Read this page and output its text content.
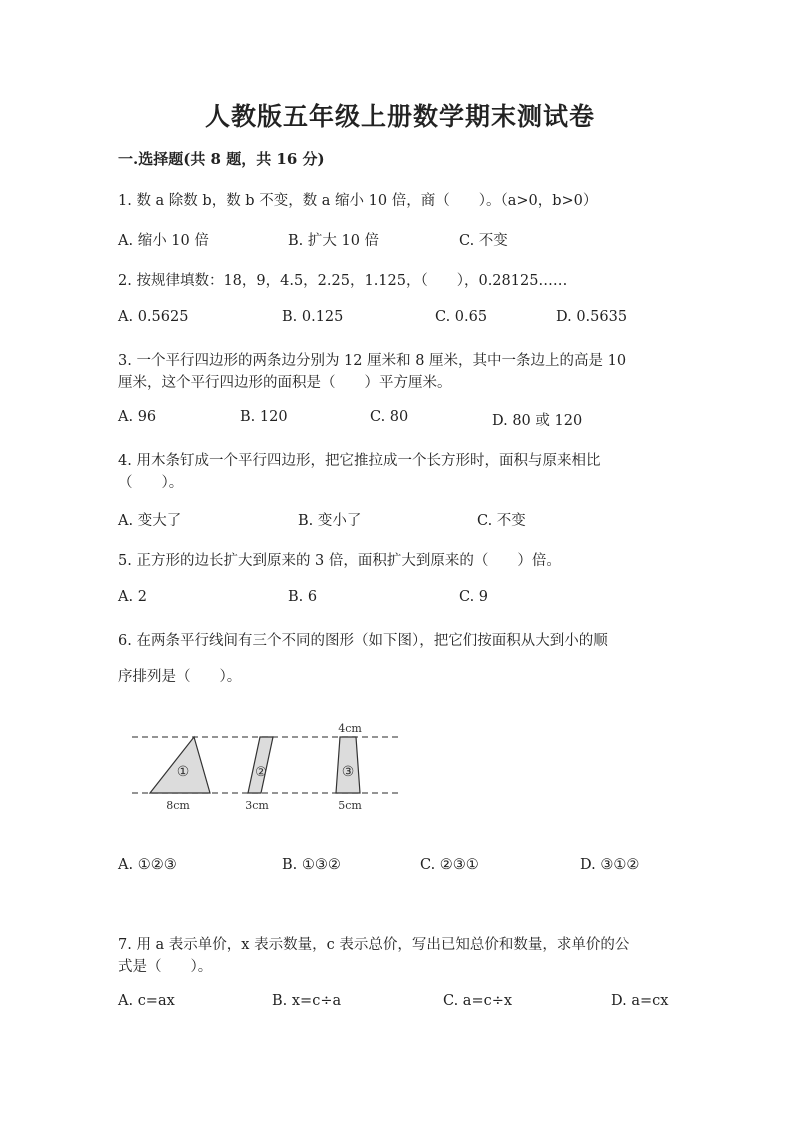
人教版五年级上册数学期末测试卷
一.选择题(共 8 题，共 16 分)
1. 数 a 除数 b，数 b 不变，数 a 缩小 10 倍，商（　　）。（a>0，b>0）
A. 缩小 10 倍	B. 扩大 10 倍	C. 不变
2. 按规律填数：18，9，4.5，2.25，1.125，（　　），0.28125……
A. 0.5625	B. 0.125	C. 0.65	D. 0.5635
3. 一个平行四边形的两条边分别为 12 厘米和 8 厘米，其中一条边上的高是 10
厘米，这个平行四边形的面积是（　　）平方厘米。
A. 96	B. 120	C. 80	D. 80 或 120
4. 用木条钉成一个平行四边形，把它推拉成一个长方形时，面积与原来相比
（　　）。
A. 变大了	B. 变小了	C. 不变
5. 正方形的边长扩大到原来的 3 倍，面积扩大到原来的（　　）倍。
A. 2	B. 6	C. 9
6. 在两条平行线间有三个不同的图形（如下图），把它们按面积从大到小的顺
序排列是（　　）。
①	②	③
4cm
8cm	3cm	5cm
A. ①②③	B. ①③②	C. ②③①	D. ③①②
7. 用 a 表示单价，x 表示数量，c 表示总价，写出已知总价和数量，求单价的公
式是（　　）。
A. c=ax	B. x=c÷a	C. a=c÷x	D. a=cx
